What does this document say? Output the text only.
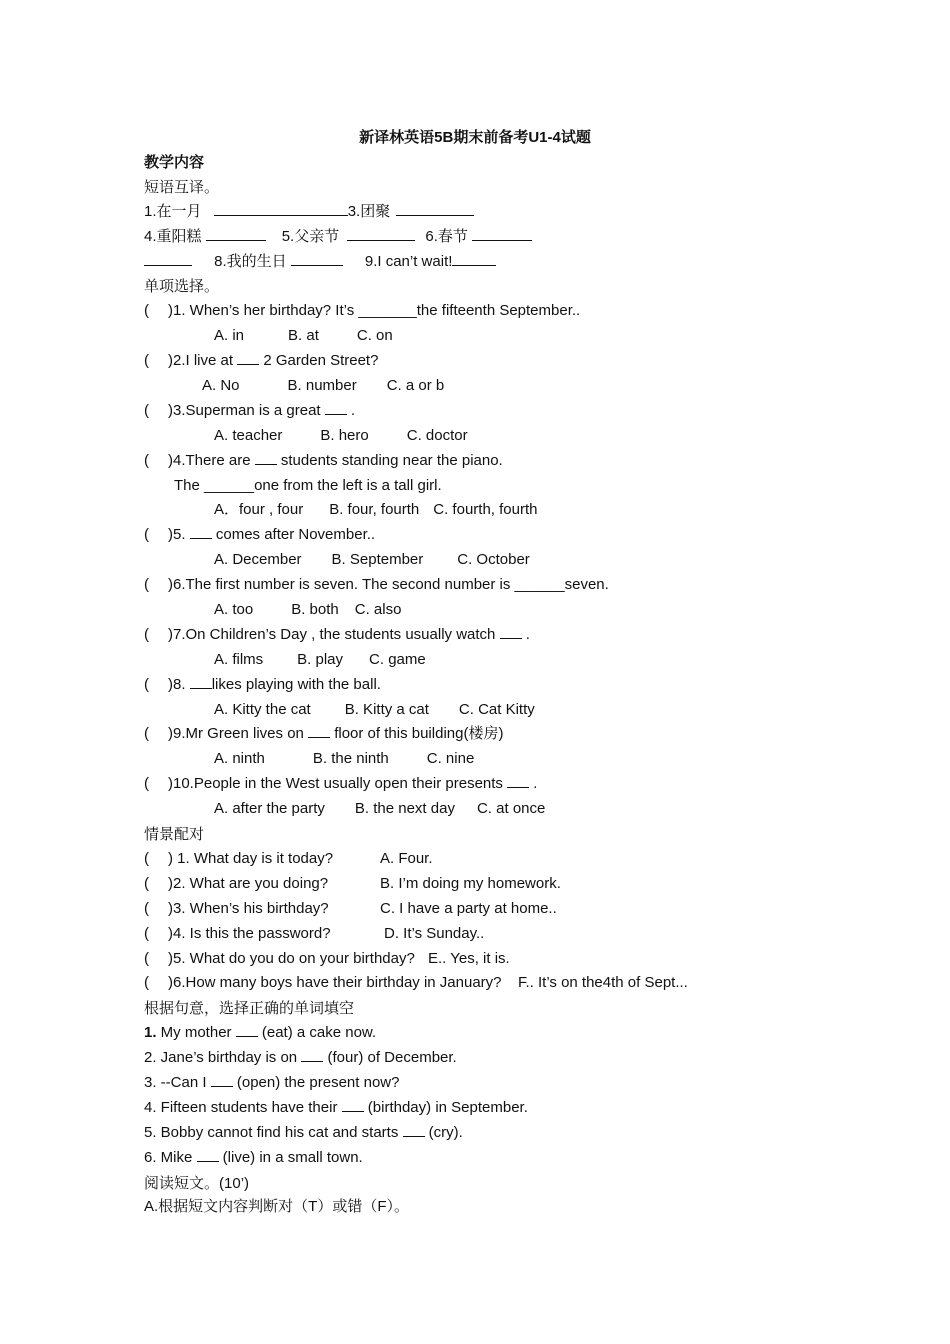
新译林英语5B期末前备考U1-4试题
教学内容
短语互译。
1.在一月	3.团聚
4.重阳糕	5.父亲节	6.春节
8.我的生日	9.I can’t wait!
单项选择。
( )1. When’s her birthday? It’s _______the fifteenth September..
A. in	B. at	C. on
( )2.I live at  2 Garden Street?
A. No	B. number C. a or b
( )3.Superman is a great  .
A. teacher	B. hero	C. doctor
( )4.There are  students standing near the piano.
The ______one from the left is a tall girl.
A．four , four B. four, fourth C. fourth, fourth
( )5.  comes after November..
A. December B. September C. October
( )6.The first number is seven. The second number is ______seven.
A. too	B. both C. also
( )7.On Children’s Day , the students usually watch  .
A. films B. play C. game
( )8. likes playing with the ball.
A. Kitty the cat B. Kitty a cat C. Cat Kitty
( )9.Mr Green lives on  floor of this building(楼房)
A. ninth	B. the ninth	C. nine
( )10.People in the West usually open their presents  .
A. after the party B. the next day C. at once
情景配对
( ) 1. What day is it today?	A. Four.
( )2. What are you doing?	B. I’m doing my homework.
( )3. When’s his birthday?	C. I have a party at home..
( )4. Is this the password?	D. It’s Sunday..
( )5. What do you do on your birthday? E.. Yes, it is.
( )6.How many boys have their birthday in January? F.. It’s on the4th of Sept...
根据句意，选择正确的单词填空
1. My mother  (eat) a cake now.
2. Jane’s birthday is on  (four) of December.
3. --Can I  (open) the present now?
4. Fifteen students have their  (birthday) in September.
5. Bobby cannot find his cat and starts  (cry).
6. Mike  (live) in a small town.
阅读短文。(10’)
A.根据短文内容判断对（T）或错（F）。
